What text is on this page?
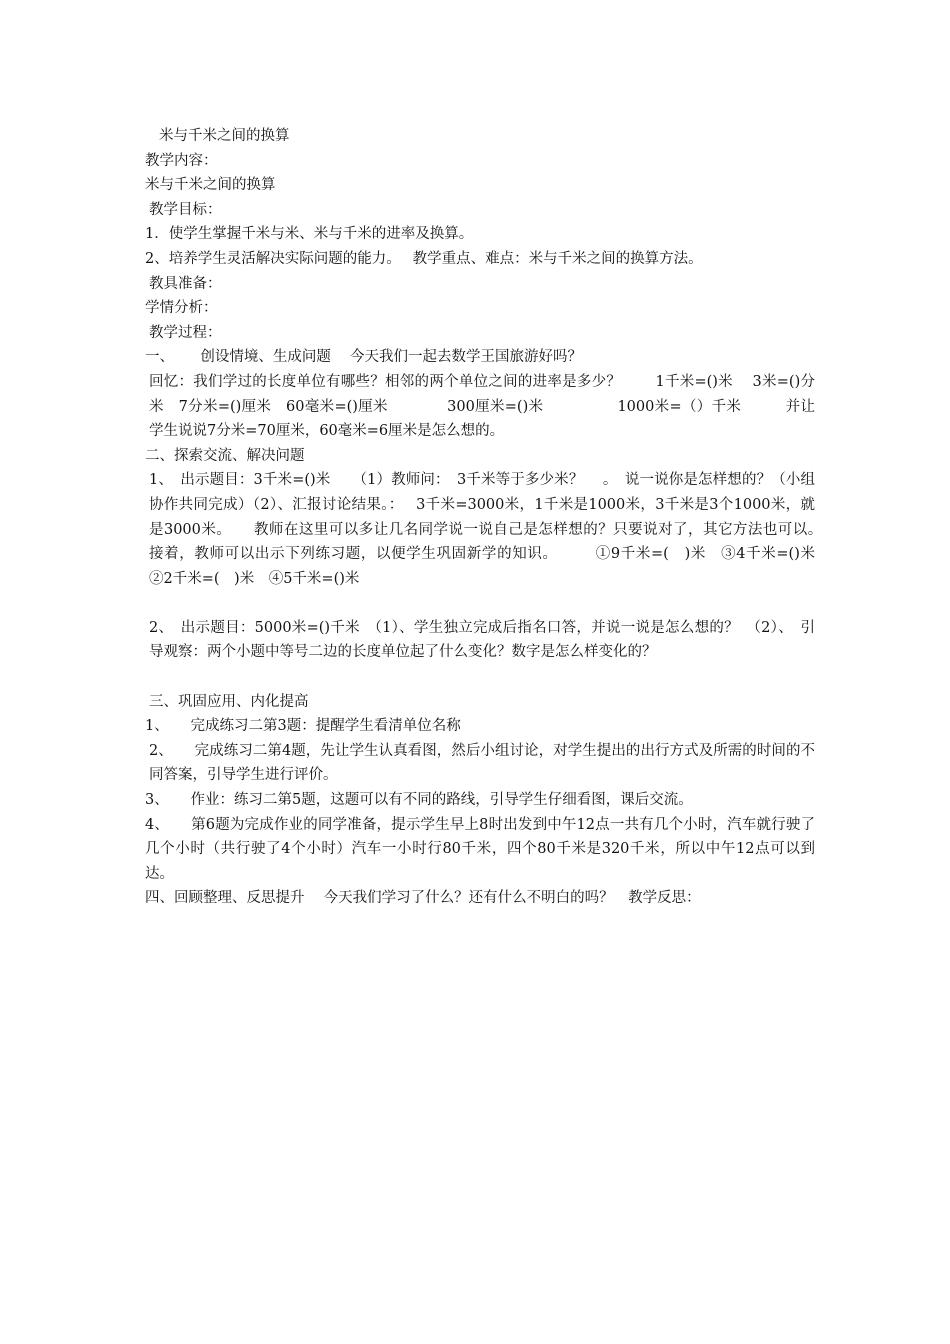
米与千米之间的换算
教学内容：
米与千米之间的换算
教学目标：
1．使学生掌握千米与米、米与千米的进率及换算。
2、培养学生灵活解决实际问题的能力。　 教学重点、难点：米与千米之间的换算方法。
教具准备：
学情分析：
教学过程：
一、　　 创设情境、生成问题　 今天我们一起去数学王国旅游好吗？
回忆：我们学过的长度单位有哪些？相邻的两个单位之间的进率是多少？　　 1千米=()米　 3米=()分米　7分米=()厘米　60毫米=()厘米　　　　300厘米=()米　　　　　1000米=（）千米　　　并让学生说说7分米=70厘米，60毫米=6厘米是怎么想的。
二、探索交流、解决问题
1、　出示题目：3千米=()米　　（1）教师问：　3千米等于多少米？　 。　说一说你是怎样想的？（小组协作共同完成）（2）、汇报讨论结果。：　 3千米=3000米，1千米是1000米，3千米是3个1000米，就是3000米。　　教师在这里可以多让几名同学说一说自己是怎样想的？只要说对了，其它方法也可以。　接着，教师可以出示下列练习题，以便学生巩固新学的知识。　　　①9千米=(　)米　③4千米=()米　　　②2千米=(　)米　④5千米=()米
2、　出示题目：5000米=()千米　（1）、学生独立完成后指名口答，并说一说是怎么想的？　（2）、　引导观察：两个小题中等号二边的长度单位起了什么变化？数字是怎么样变化的？
三、巩固应用、内化提高
1、　　完成练习二第3题：提醒学生看清单位名称
2、　　完成练习二第4题，先让学生认真看图，然后小组讨论，对学生提出的出行方式及所需的时间的不同答案，引导学生进行评价。
3、　　作业：练习二第5题，这题可以有不同的路线，引导学生仔细看图，课后交流。
4、　　第6题为完成作业的同学准备，提示学生早上8时出发到中午12点一共有几个小时，汽车就行驶了几个小时（共行驶了4个小时）汽车一小时行80千米，四个80千米是320千米，所以中午12点可以到达。
四、回顾整理、反思提升　 今天我们学习了什么？还有什么不明白的吗？　教学反思：
